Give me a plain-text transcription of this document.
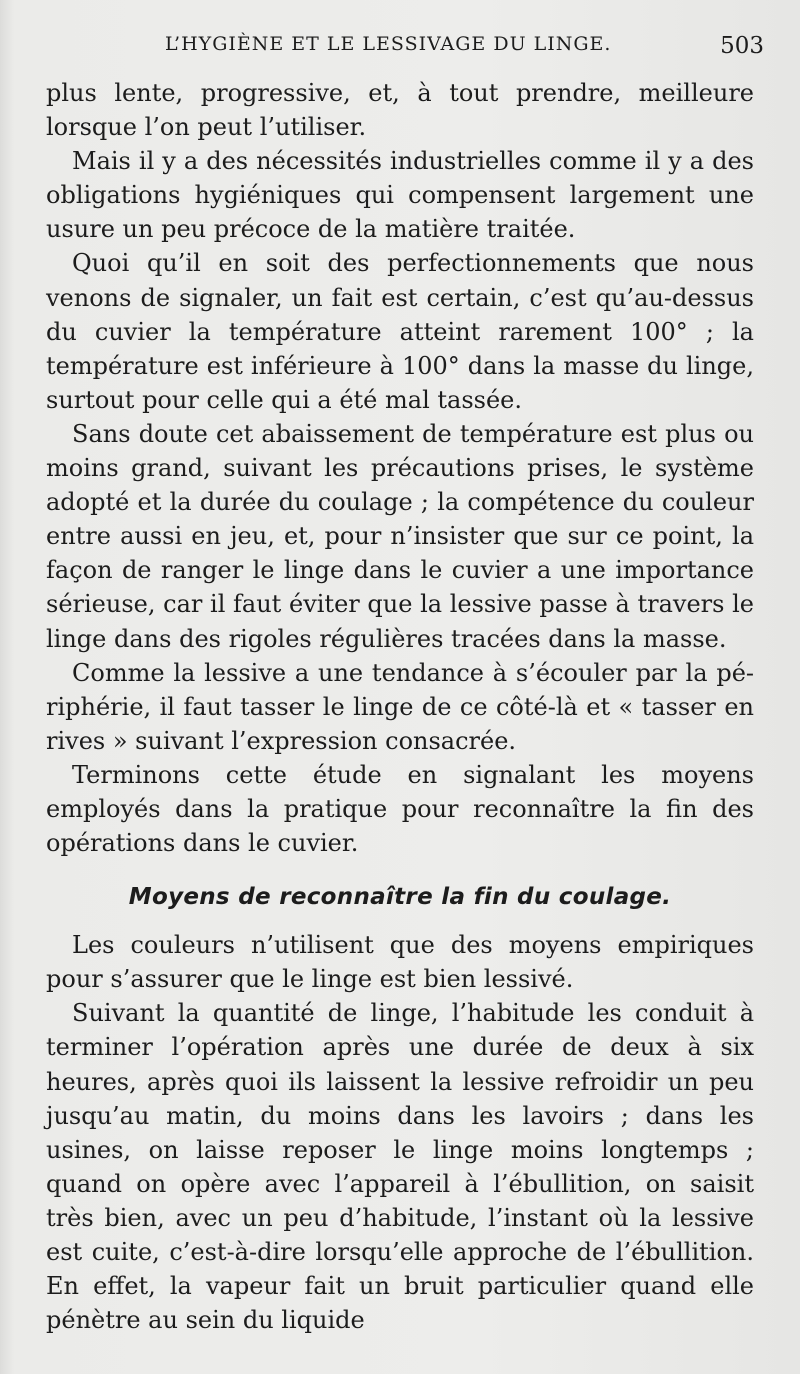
L’HYGIÈNE ET LE LESSIVAGE DU LINGE.	503

plus lente, progressive, et, à tout prendre, meilleure lorsque l’on peut l’utiliser.

Mais il y a des nécessités industrielles comme il y a des obligations hygiéniques qui compensent largement une usure un peu précoce de la matière traitée.

Quoi qu’il en soit des perfectionnements que nous venons de signaler, un fait est certain, c’est qu’au-dessus du cuvier la température atteint rarement 100° ; la température est inférieure à 100° dans la masse du linge, surtout pour celle qui a été mal tassée.

Sans doute cet abaissement de température est plus ou moins grand, suivant les précautions prises, le système adopté et la durée du coulage ; la compétence du couleur entre aussi en jeu, et, pour n’insister que sur ce point, la façon de ranger le linge dans le cuvier a une importance sérieuse, car il faut éviter que la lessive passe à travers le linge dans des rigoles régulières tracées dans la masse.

Comme la lessive a une tendance à s’écouler par la périphérie, il faut tasser le linge de ce côté-là et « tasser en rives » suivant l’expression consacrée.

Terminons cette étude en signalant les moyens employés dans la pratique pour reconnaître la fin des opérations dans le cuvier.

Moyens de reconnaître la fin du coulage.

Les couleurs n’utilisent que des moyens empiriques pour s’assurer que le linge est bien lessivé.

Suivant la quantité de linge, l’habitude les conduit à terminer l’opération après une durée de deux à six heures, après quoi ils laissent la lessive refroidir un peu jusqu’au matin, du moins dans les lavoirs ; dans les usines, on laisse reposer le linge moins longtemps ; quand on opère avec l’appareil à l’ébullition, on saisit très bien, avec un peu d’habitude, l’instant où la lessive est cuite, c’est-à-dire lorsqu’elle approche de l’ébullition. En effet, la vapeur fait un bruit particulier quand elle pénètre au sein du liquide
